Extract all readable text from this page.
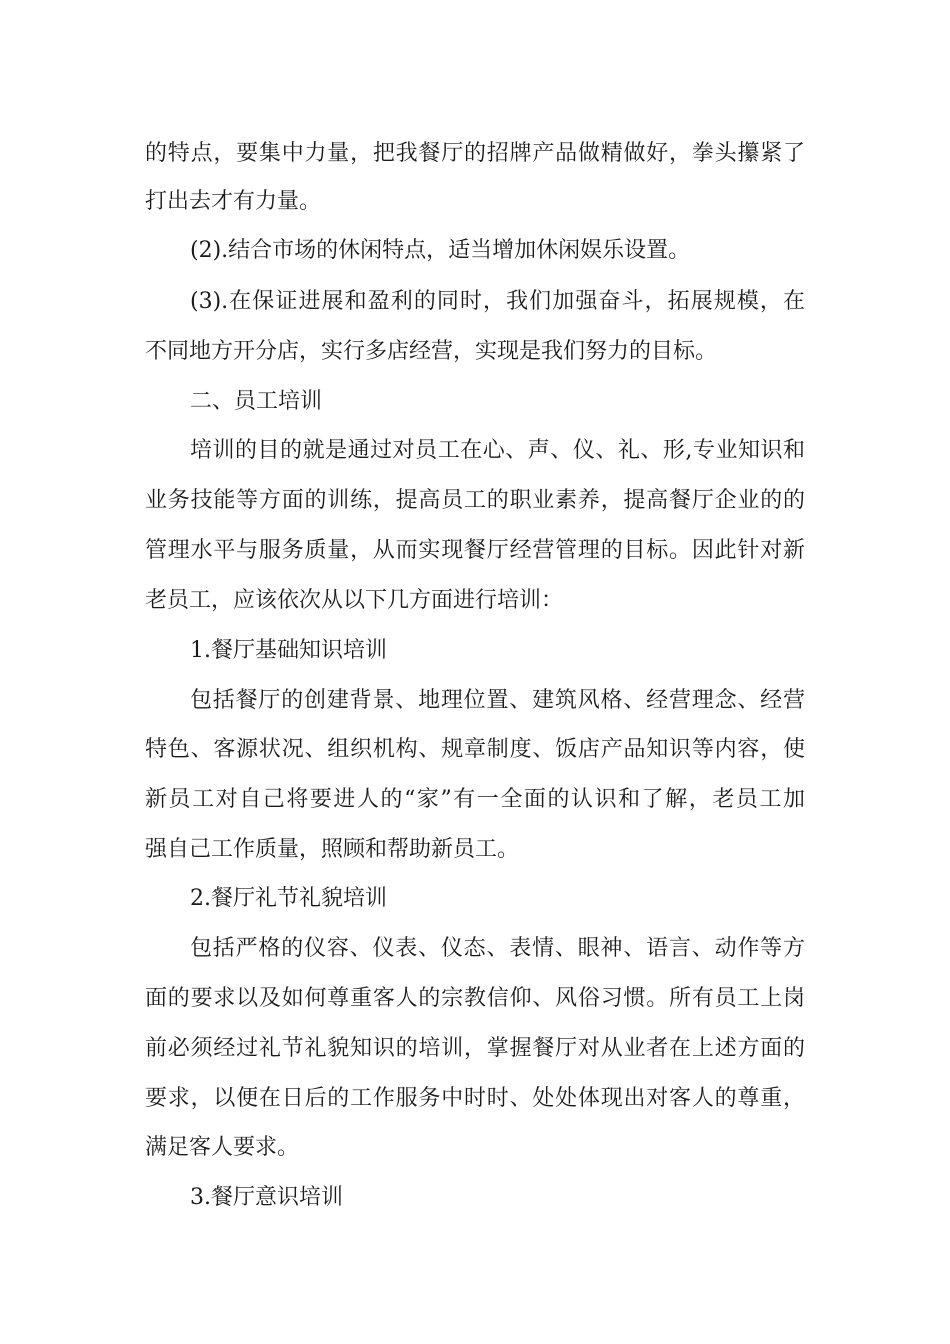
的特点，要集中力量，把我餐厅的招牌产品做精做好，拳头攥紧了
打出去才有力量。
(2).结合市场的休闲特点，适当增加休闲娱乐设置。
(3).在保证进展和盈利的同时，我们加强奋斗，拓展规模，在
不同地方开分店，实行多店经营，实现是我们努力的目标。
二、员工培训
培训的目的就是通过对员工在心、声、仪、礼、形,专业知识和
业务技能等方面的训练，提高员工的职业素养，提高餐厅企业的的
管理水平与服务质量，从而实现餐厅经营管理的目标。因此针对新
老员工，应该依次从以下几方面进行培训：
1.餐厅基础知识培训
包括餐厅的创建背景、地理位置、建筑风格、经营理念、经营
特色、客源状况、组织机构、规章制度、饭店产品知识等内容，使
新员工对自己将要进人的“家”有一全面的认识和了解，老员工加
强自己工作质量，照顾和帮助新员工。
2.餐厅礼节礼貌培训
包括严格的仪容、仪表、仪态、表情、眼神、语言、动作等方
面的要求以及如何尊重客人的宗教信仰、风俗习惯。所有员工上岗
前必须经过礼节礼貌知识的培训，掌握餐厅对从业者在上述方面的
要求，以便在日后的工作服务中时时、处处体现出对客人的尊重，
满足客人要求。
3.餐厅意识培训
